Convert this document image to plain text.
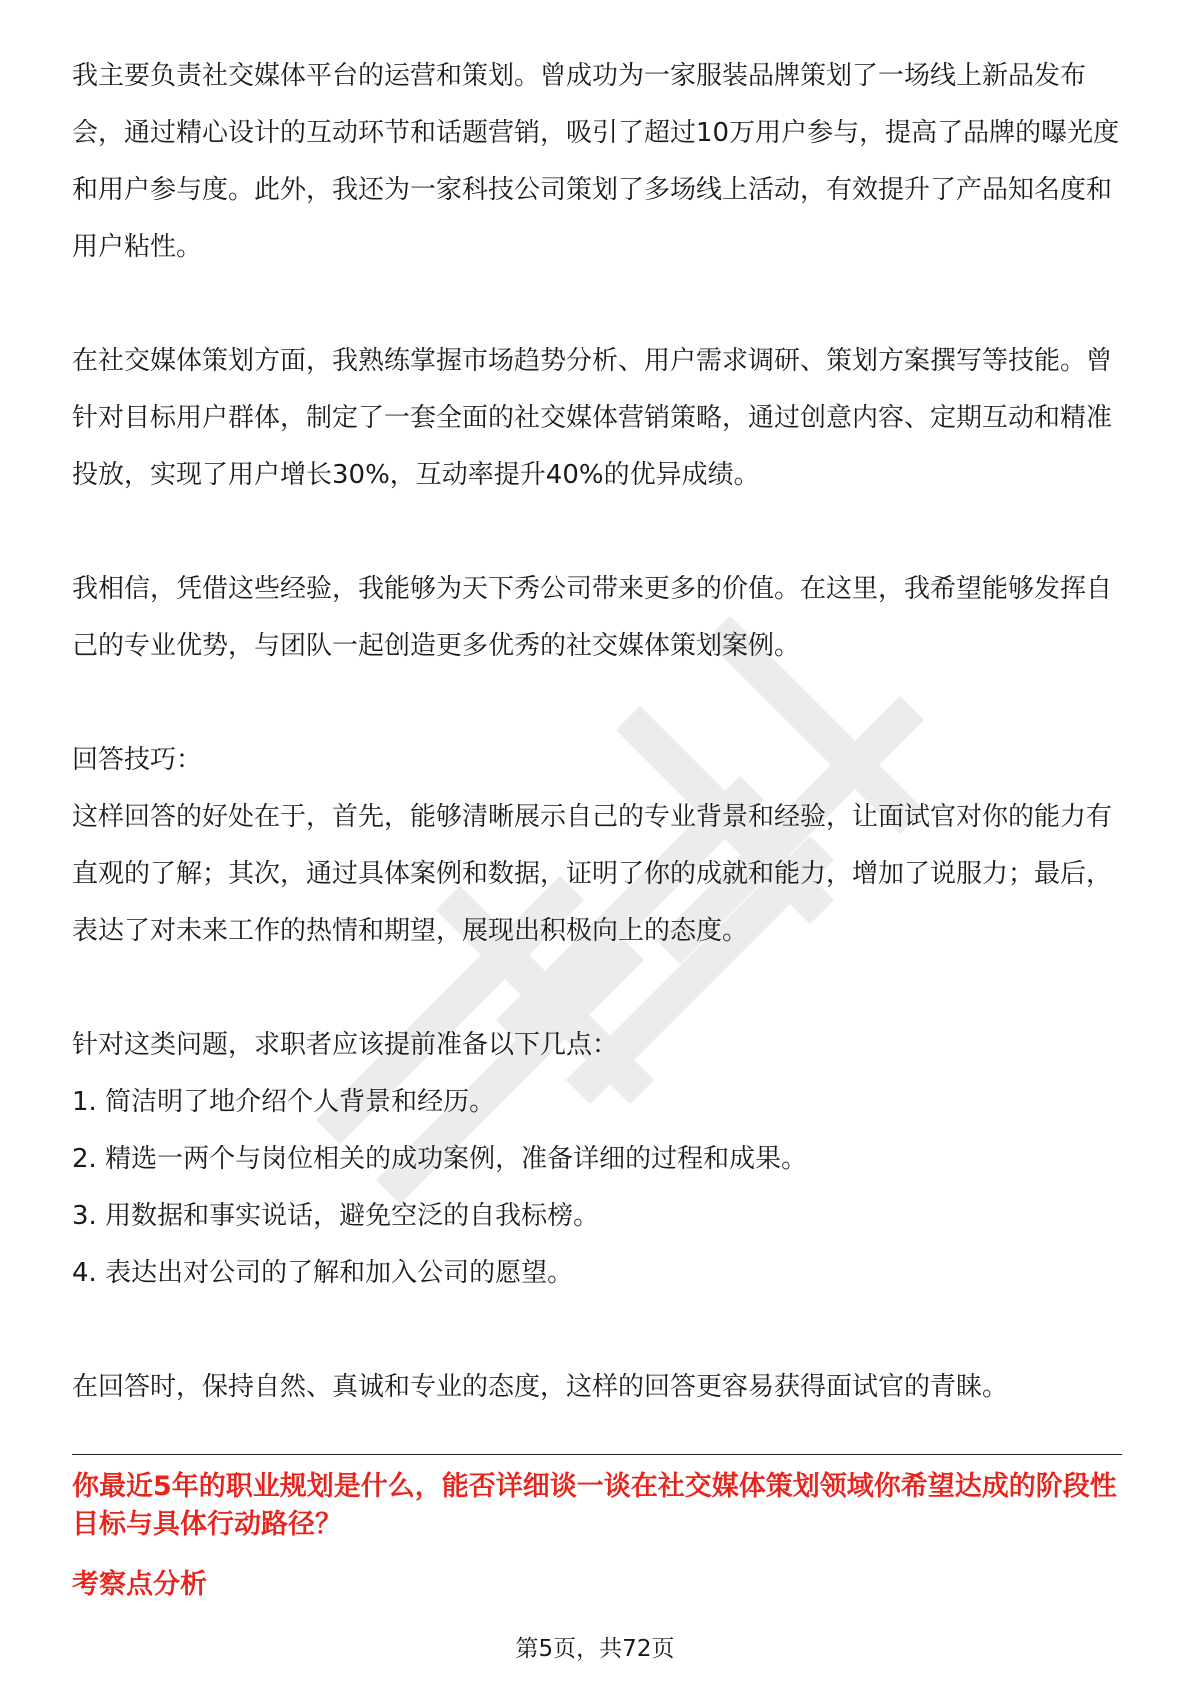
我主要负责社交媒体平台的运营和策划。曾成功为一家服装品牌策划了一场线上新品发布会，通过精心设计的互动环节和话题营销，吸引了超过10万用户参与，提高了品牌的曝光度和用户参与度。此外，我还为一家科技公司策划了多场线上活动，有效提升了产品知名度和用户粘性。

在社交媒体策划方面，我熟练掌握市场趋势分析、用户需求调研、策划方案撰写等技能。曾针对目标用户群体，制定了一套全面的社交媒体营销策略，通过创意内容、定期互动和精准投放，实现了用户增长30%，互动率提升40%的优异成绩。

我相信，凭借这些经验，我能够为天下秀公司带来更多的价值。在这里，我希望能够发挥自己的专业优势，与团队一起创造更多优秀的社交媒体策划案例。

回答技巧：

这样回答的好处在于，首先，能够清晰展示自己的专业背景和经验，让面试官对你的能力有直观的了解；其次，通过具体案例和数据，证明了你的成就和能力，增加了说服力；最后，表达了对未来工作的热情和期望，展现出积极向上的态度。

针对这类问题，求职者应该提前准备以下几点：

1. 简洁明了地介绍个人背景和经历。

2. 精选一两个与岗位相关的成功案例，准备详细的过程和成果。

3. 用数据和事实说话，避免空泛的自我标榜。

4. 表达出对公司的了解和加入公司的愿望。

在回答时，保持自然、真诚和专业的态度，这样的回答更容易获得面试官的青睐。

你最近5年的职业规划是什么，能否详细谈一谈在社交媒体策划领域你希望达成的阶段性目标与具体行动路径？

考察点分析

第5页，共72页
